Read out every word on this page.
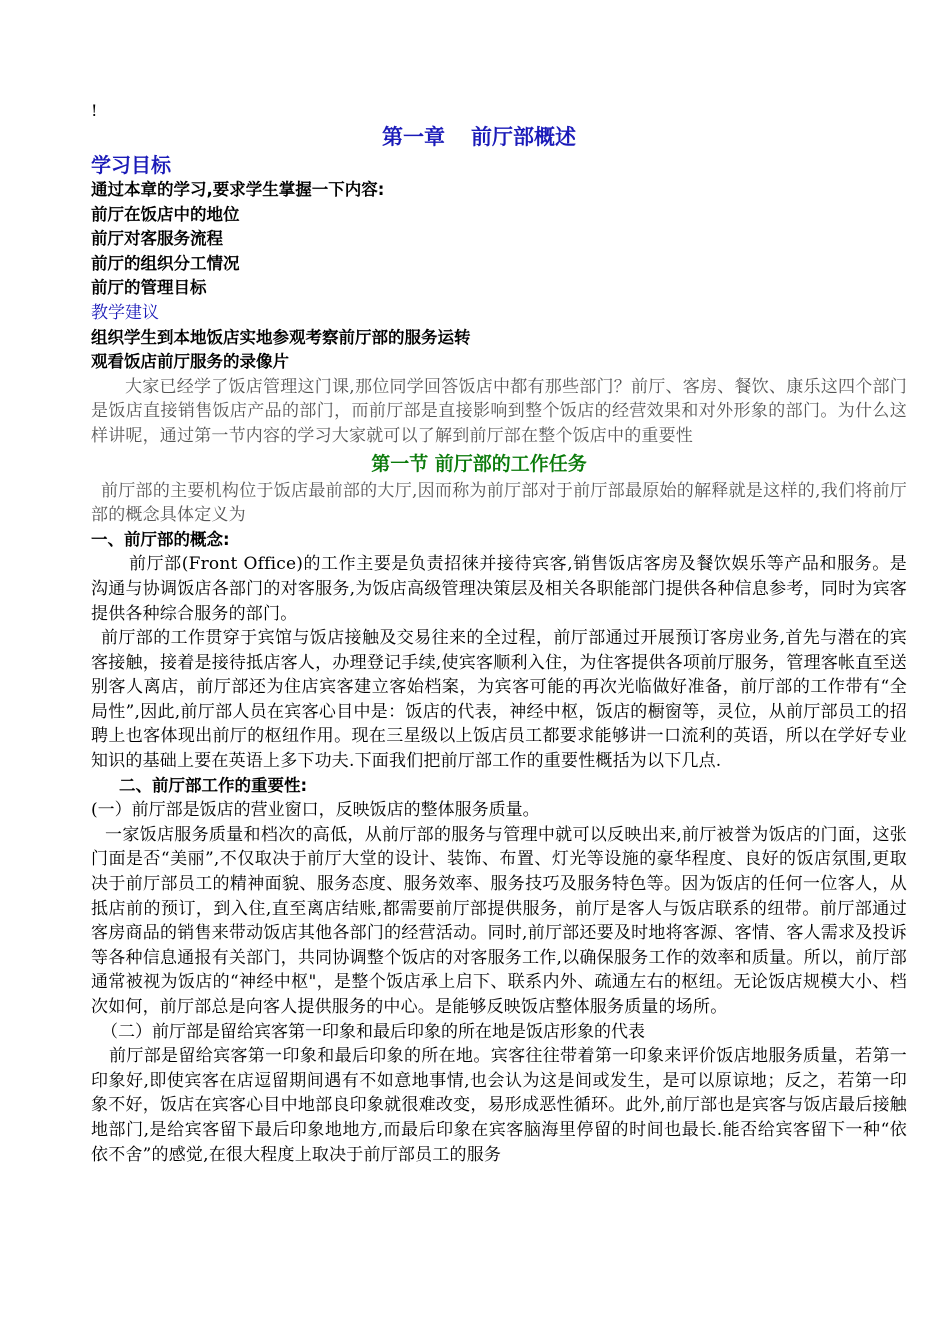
!

第一章 前厅部概述

学习目标

通过本章的学习,要求学生掌握一下内容:

前厅在饭店中的地位

前厅对客服务流程

前厅的组织分工情况

前厅的管理目标

教学建议

组织学生到本地饭店实地参观考察前厅部的服务运转

观看饭店前厅服务的录像片

大家已经学了饭店管理这门课,那位同学回答饭店中都有那些部门？前厅、客房、餐饮、康乐这四个部门是饭店直接销售饭店产品的部门，而前厅部是直接影响到整个饭店的经营效果和对外形象的部门。为什么这样讲呢，通过第一节内容的学习大家就可以了解到前厅部在整个饭店中的重要性

第一节 前厅部的工作任务

前厅部的主要机构位于饭店最前部的大厅,因而称为前厅部对于前厅部最原始的解释就是这样的,我们将前厅部的概念具体定义为

一、前厅部的概念:

前厅部(Front Office)的工作主要是负责招徕并接待宾客,销售饭店客房及餐饮娱乐等产品和服务。是沟通与协调饭店各部门的对客服务,为饭店高级管理决策层及相关各职能部门提供各种信息参考，同时为宾客提供各种综合服务的部门。

前厅部的工作贯穿于宾馆与饭店接触及交易往来的全过程，前厅部通过开展预订客房业务,首先与潜在的宾客接触，接着是接待抵店客人，办理登记手续,使宾客顺利入住，为住客提供各项前厅服务，管理客帐直至送别客人离店，前厅部还为住店宾客建立客始档案，为宾客可能的再次光临做好准备，前厅部的工作带有“全局性”,因此,前厅部人员在宾客心目中是：饭店的代表，神经中枢，饭店的橱窗等，灵位，从前厅部员工的招聘上也客体现出前厅的枢纽作用。现在三星级以上饭店员工都要求能够讲一口流利的英语，所以在学好专业知识的基础上要在英语上多下功夫.下面我们把前厅部工作的重要性概括为以下几点.

二、前厅部工作的重要性:

(一）前厅部是饭店的营业窗口，反映饭店的整体服务质量。

一家饭店服务质量和档次的高低，从前厅部的服务与管理中就可以反映出来,前厅被誉为饭店的门面，这张门面是否“美丽”,不仅取决于前厅大堂的设计、装饰、布置、灯光等设施的豪华程度、良好的饭店氛围,更取决于前厅部员工的精神面貌、服务态度、服务效率、服务技巧及服务特色等。因为饭店的任何一位客人，从抵店前的预订，到入住,直至离店结账,都需要前厅部提供服务，前厅是客人与饭店联系的纽带。前厅部通过客房商品的销售来带动饭店其他各部门的经营活动。同时,前厅部还要及时地将客源、客情、客人需求及投诉等各种信息通报有关部门，共同协调整个饭店的对客服务工作,以确保服务工作的效率和质量。所以，前厅部通常被视为饭店的“神经中枢"，是整个饭店承上启下、联系内外、疏通左右的枢纽。无论饭店规模大小、档次如何，前厅部总是向客人提供服务的中心。是能够反映饭店整体服务质量的场所。

（二）前厅部是留给宾客第一印象和最后印象的所在地是饭店形象的代表

前厅部是留给宾客第一印象和最后印象的所在地。宾客往往带着第一印象来评价饭店地服务质量，若第一印象好,即使宾客在店逗留期间遇有不如意地事情,也会认为这是间或发生，是可以原谅地；反之，若第一印象不好，饭店在宾客心目中地部良印象就很难改变，易形成恶性循环。此外,前厅部也是宾客与饭店最后接触地部门,是给宾客留下最后印象地地方,而最后印象在宾客脑海里停留的时间也最长.能否给宾客留下一种“依依不舍”的感觉,在很大程度上取决于前厅部员工的服务
